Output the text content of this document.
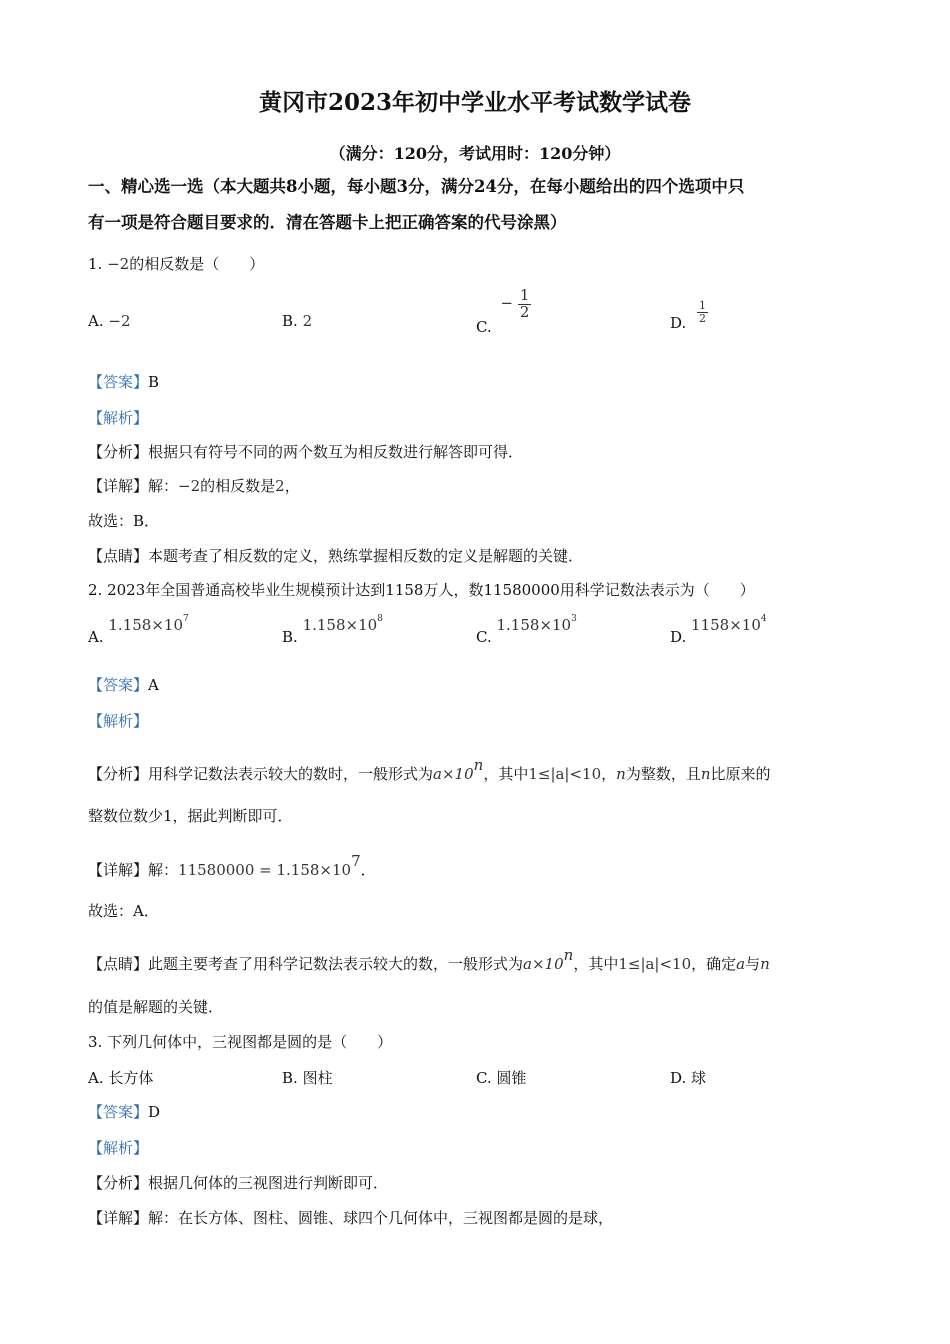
黄冈市2023年初中学业水平考试数学试卷
（满分：120分，考试用时：120分钟）
一、精心选一选（本大题共8小题，每小题3分，满分24分，在每小题给出的四个选项中只
有一项是符合题目要求的．清在答题卡上把正确答案的代号涂黑）
1. −2的相反数是（　　）
A. −2	B. 2	C. − $\frac{1}{2}$
D. $\frac{1}{2}$
【答案】B
【解析】
【分析】根据只有符号不同的两个数互为相反数进行解答即可得．
【详解】解：−2的相反数是2，
故选：B．
【点睛】本题考查了相反数的定义，熟练掌握相反数的定义是解题的关键．
2. 2023年全国普通高校毕业生规模预计达到1158万人，数11580000用科学记数法表示为（　　）
A. $1.158\times 10^7$
B. $1.158\times 10^8$
C. $1.158\times 10^3$
D. $1158\times 10^4$
【答案】A
【解析】
【分析】用科学记数法表示较大的数时，一般形式为$a\times 10^n$，其中1≤|a|<10，n为整数，且n比原来的
整数位数少1，据此判断即可．
【详解】解：$11580000 = 1.158\times 10^7$．
故选：A．
【点睛】此题主要考查了用科学记数法表示较大的数，一般形式为$a\times 10^n$，其中1≤|a|<10，确定a与n
的值是解题的关键．
3. 下列几何体中，三视图都是圆的是（　　）
A. 长方体	B. 图柱	C. 圆锥	D. 球
【答案】D
【解析】
【分析】根据几何体的三视图进行判断即可．
【详解】解：在长方体、图柱、圆锥、球四个几何体中，三视图都是圆的是球，
